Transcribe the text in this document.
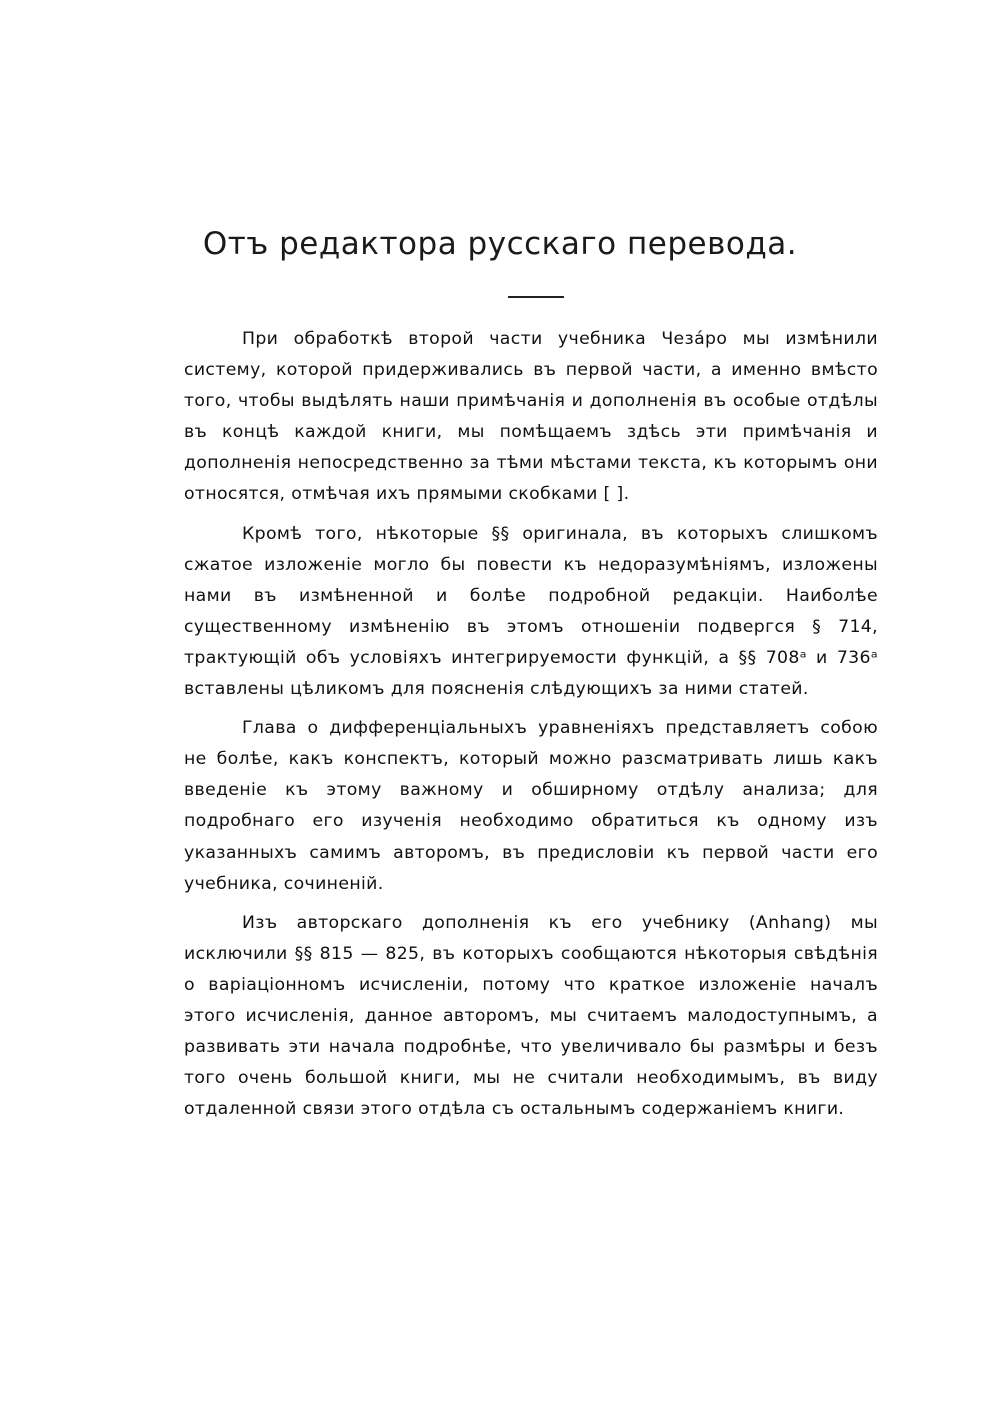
Отъ редактора русскаго перевода.

При обработкѣ второй части учебника Чезáро мы измѣнили систему, которой придерживались въ первой части, а именно вмѣсто того, чтобы выдѣлять наши примѣчанія и дополненія въ особые отдѣлы въ концѣ каждой книги, мы помѣщаемъ здѣсь эти примѣчанія и дополненія непосредственно за тѣми мѣстами текста, къ которымъ они относятся, отмѣчая ихъ прямыми скобками [ ].

Кромѣ того, нѣкоторые §§ оригинала, въ которыхъ слишкомъ сжатое изложеніе могло бы повести къ недоразумѣніямъ, изложены нами въ измѣненной и болѣе подробной редакціи. Наиболѣе существенному измѣненію въ этомъ отношеніи подвергся § 714, трактующій объ условіяхъ интегрируемости функцій, а §§ 708ᵃ и 736ᵃ вставлены цѣликомъ для поясненія слѣдующихъ за ними статей.

Глава о дифференціальныхъ уравненіяхъ представляетъ собою не болѣе, какъ конспектъ, который можно разсматривать лишь какъ введеніе къ этому важному и обширному отдѣлу анализа; для подробнаго его изученія необходимо обратиться къ одному изъ указанныхъ самимъ авторомъ, въ предисловіи къ первой части его учебника, сочиненій.

Изъ авторскаго дополненія къ его учебнику (Anhang) мы исключили §§ 815 — 825, въ которыхъ сообщаются нѣкоторыя свѣдѣнія о варіаціонномъ исчисленіи, потому что краткое изложеніе началъ этого исчисленія, данное авторомъ, мы считаемъ малодоступнымъ, а развивать эти начала подробнѣе, что увеличивало бы размѣры и безъ того очень большой книги, мы не считали необходимымъ, въ виду отдаленной связи этого отдѣла съ остальнымъ содержаніемъ книги.
